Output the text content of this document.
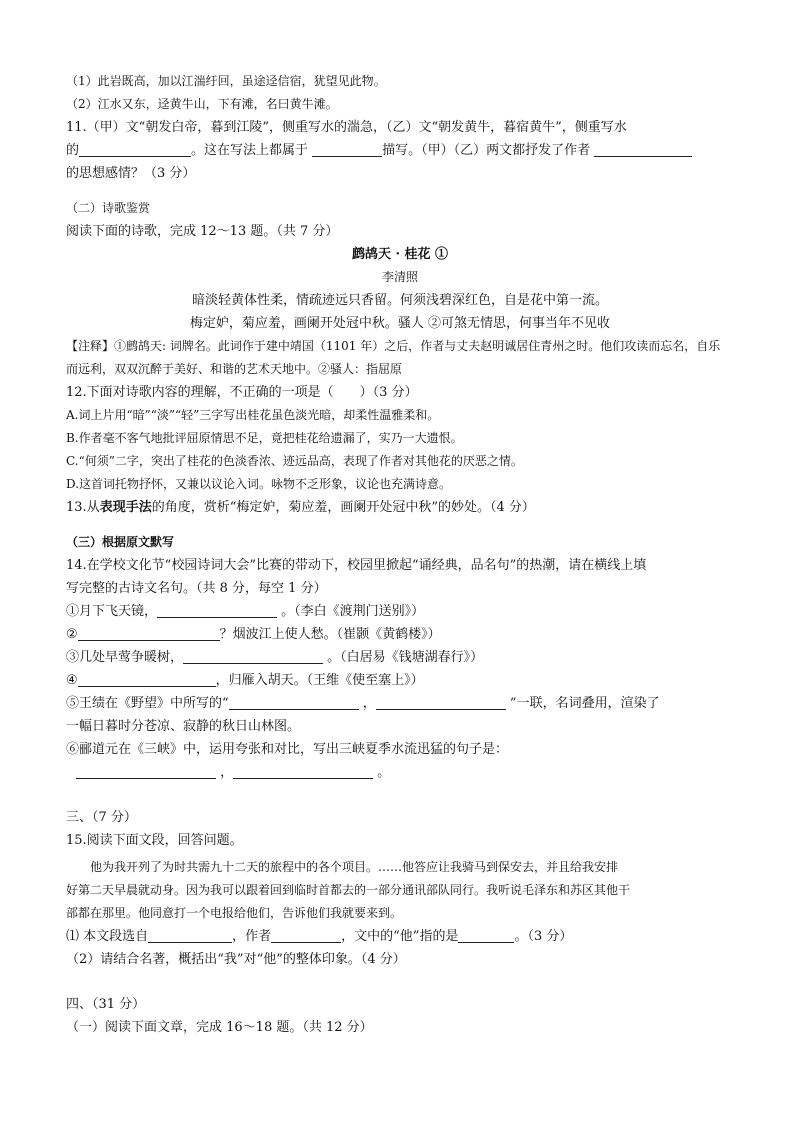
（1）此岩既高，加以江湍纡回，虽途迳信宿，犹望见此物。
（2）江水又东，迳黄牛山，下有滩，名曰黄牛滩。
11.（甲）文“朝发白帝，暮到江陵”，侧重写水的湍急，（乙）文“朝发黄牛，暮宿黄牛”，侧重写水
的	。这在写法上都属于	描写。（甲）（乙）两文都抒发了作者
的思想感情？（3 分）
（二）诗歌鉴赏
阅读下面的诗歌，完成 12～13 题。（共 7 分）
鹧鸪天 · 桂花 ①
李清照
暗淡轻黄体性柔，情疏迹远只香留。何须浅碧深红色，自是花中第一流。
梅定妒，菊应羞，画阑开处冠中秋。骚人 ②可煞无情思，何事当年不见收
【注释】①鹧鸪天: 词牌名。此词作于建中靖国（1101 年）之后，作者与丈夫赵明诚居住青州之时。他们攻读而忘名，自乐
而远利，双双沉醉于美好、和谐的艺术天地中。②骚人：指屈原
12.下面对诗歌内容的理解，不正确的一项是（　　）（3 分）
A.词上片用“暗”“淡”“轻”三字写出桂花虽色淡光暗，却柔性温雅柔和。
B.作者毫不客气地批评屈原情思不足，竟把桂花给遗漏了，实乃一大遗恨。
C.“何须”二字，突出了桂花的色淡香浓、迹远品高，表现了作者对其他花的厌恶之情。
D.这首词托物抒怀，又兼以议论入词。咏物不乏形象，议论也充满诗意。
13.从表现手法的角度，赏析“梅定妒，菊应羞，画阑开处冠中秋”的妙处。（4 分）
（三）根据原文默写
14.在学校文化节“校园诗词大会”比赛的带动下，校园里掀起“诵经典，品名句”的热潮，请在横线上填
写完整的古诗文名句。（共 8 分，每空 1 分）
①月下飞天镜，	。（李白《渡荆门送别》）
②	？烟波江上使人愁。（崔颢《黄鹤楼》）
③几处早莺争暖树，	。（白居易《钱塘湖春行》）
④	，归雁入胡天。（王维《使至塞上》）
⑤王绩在《野望》中所写的“	，	”一联，名词叠用，渲染了
一幅日暮时分苍凉、寂静的秋日山林图。
⑥郦道元在《三峡》中，运用夸张和对比，写出三峡夏季水流迅猛的句子是：
，	。
三、（7 分）
15.阅读下面文段，回答问题。
他为我开列了为时共需九十二天的旅程中的各个项目。……他答应让我骑马到保安去，并且给我安排
好第二天早晨就动身。因为我可以跟着回到临时首都去的一部分通讯部队同行。我听说毛泽东和苏区其他干
部都在那里。他同意打一个电报给他们，告诉他们我就要来到。
⑴ 本文段选自	，作者	，文中的“他”指的是	。（3 分）
（2）请结合名著，概括出“我”对“他”的整体印象。（4 分）
四、（31 分）
（一）阅读下面文章，完成 16～18 题。（共 12 分）
